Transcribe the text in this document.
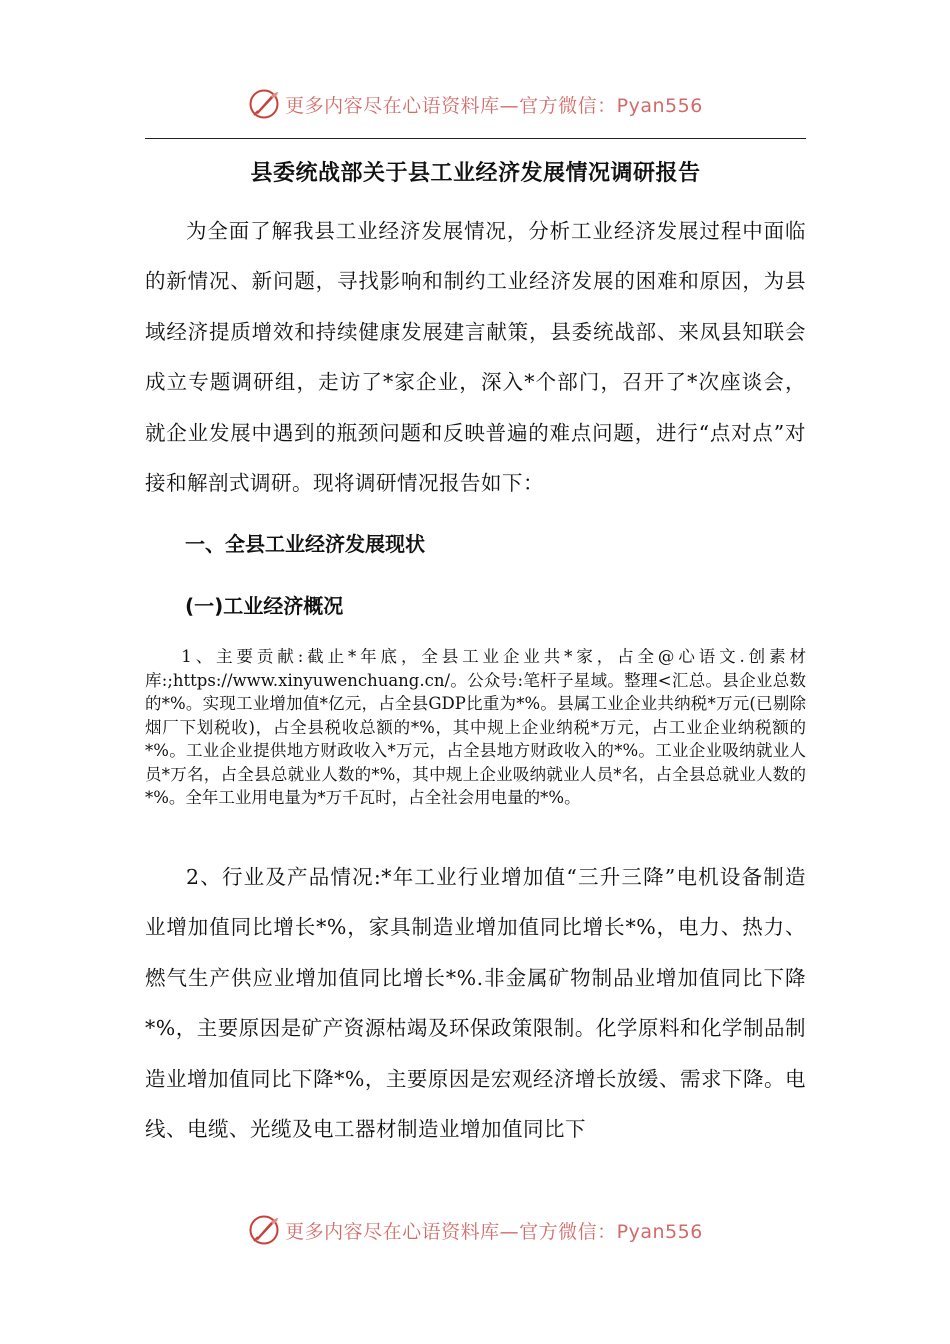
更多内容尽在心语资料库—官方微信：Pyan556
县委统战部关于县工业经济发展情况调研报告

为全面了解我县工业经济发展情况，分析工业经济发展过程中面临的新情况、新问题，寻找影响和制约工业经济发展的困难和原因，为县域经济提质增效和持续健康发展建言献策，县委统战部、来凤县知联会成立专题调研组，走访了*家企业，深入*个部门，召开了*次座谈会，就企业发展中遇到的瓶颈问题和反映普遍的难点问题，进行“点对点”对接和解剖式调研。现将调研情况报告如下：

一、全县工业经济发展现状
(一)工业经济概况

1、主要贡献:截止*年底，全县工业企业共*家，占全@心语文.创素材库:;https://www.xinyuwenchuang.cn/。公众号:笔杆子星域。整理<汇总。县企业总数的*%。实现工业增加值*亿元，占全县GDP比重为*%。县属工业企业共纳税*万元(已剔除烟厂下划税收)，占全县税收总额的*%，其中规上企业纳税*万元，占工业企业纳税额的*%。工业企业提供地方财政收入*万元，占全县地方财政收入的*%。工业企业吸纳就业人员*万名，占全县总就业人数的*%，其中规上企业吸纳就业人员*名，占全县总就业人数的*%。全年工业用电量为*万千瓦时，占全社会用电量的*%。

2、行业及产品情况:*年工业行业增加值“三升三降”电机设备制造业增加值同比增长*%，家具制造业增加值同比增长*%，电力、热力、燃气生产供应业增加值同比增长*%.非金属矿物制品业增加值同比下降*%，主要原因是矿产资源枯竭及环保政策限制。化学原料和化学制品制造业增加值同比下降*%，主要原因是宏观经济增长放缓、需求下降。电线、电缆、光缆及电工器材制造业增加值同比下

更多内容尽在心语资料库—官方微信：Pyan556
